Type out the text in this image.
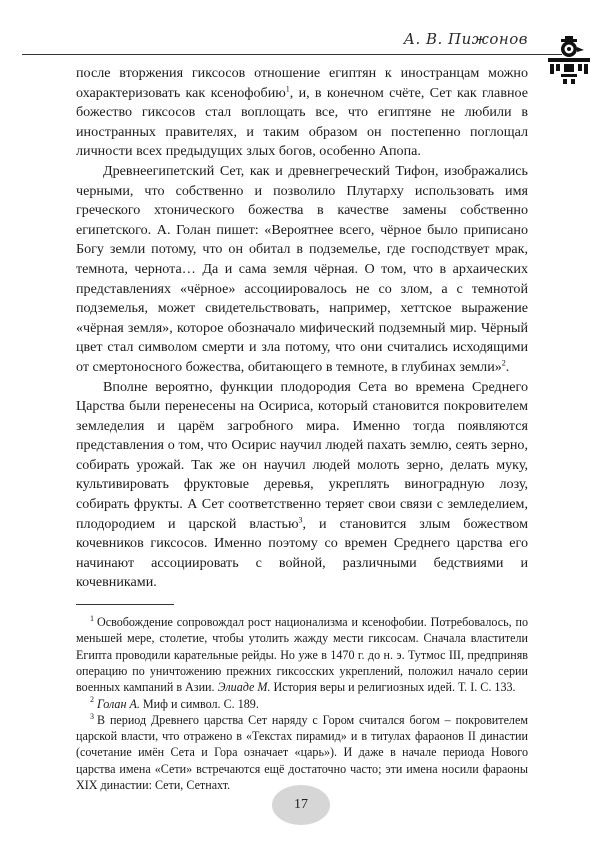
А. В. Пижонов

после вторжения гиксосов отношение египтян к иностранцам можно охарактеризовать как ксенофобию$^1$, и, в конечном счёте, Сет как главное божество гиксосов стал воплощать все, что египтяне не любили в иностранных правителях, и таким образом он постепенно поглощал личности всех предыдущих злых богов, особенно Апопа.

Древнеегипетский Сет, как и древнегреческий Тифон, изображались черными, что собственно и позволило Плутарху использовать имя греческого хтонического божества в качестве замены собственно египетского. А. Голан пишет: «Вероятнее всего, чёрное было приписано Богу земли потому, что он обитал в подземелье, где господствует мрак, темнота, чернота… Да и сама земля чёрная. О том, что в архаических представлениях «чёрное» ассоциировалось не со злом, а с темнотой подземелья, может свидетельствовать, например, хеттское выражение «чёрная земля», которое обозначало мифический подземный мир. Чёрный цвет стал символом смерти и зла потому, что они считались исходящими от смертоносного божества, обитающего в темноте, в глубинах земли»$^2$.

Вполне вероятно, функции плодородия Сета во времена Среднего Царства были перенесены на Осириса, который становится покровителем земледелия и царём загробного мира. Именно тогда появляются представления о том, что Осирис научил людей пахать землю, сеять зерно, собирать урожай. Так же он научил людей молоть зерно, делать муку, культивировать фруктовые деревья, укреплять виноградную лозу, собирать фрукты. А Сет соответственно теряет свои связи с земледелием, плодородием и царской властью$^3$, и становится злым божеством кочевников гиксосов. Именно поэтому со времен Среднего царства его начинают ассоциировать с войной, различными бедствиями и кочевниками.

$^1$ Освобождение сопровождал рост национализма и ксенофобии. Потребовалось, по меньшей мере, столетие, чтобы утолить жажду мести гиксосам. Сначала властители Египта проводили карательные рейды. Но уже в 1470 г. до н. э. Тутмос III, предприняв операцию по уничтожению прежних гиксосских укреплений, положил начало серии военных кампаний в Азии. Элиаде М. История веры и религиозных идей. Т. I. С. 133.

$^2$ Голан А. Миф и символ. С. 189.

$^3$ В период Древнего царства Сет наряду с Гором считался богом – покровителем царской власти, что отражено в «Текстах пирамид» и в титулах фараонов II династии (сочетание имён Сета и Гора означает «царь»). И даже в начале периода Нового царства имена «Сети» встречаются ещё достаточно часто; эти имена носили фараоны XIX династии: Сети, Сетнахт.

17
